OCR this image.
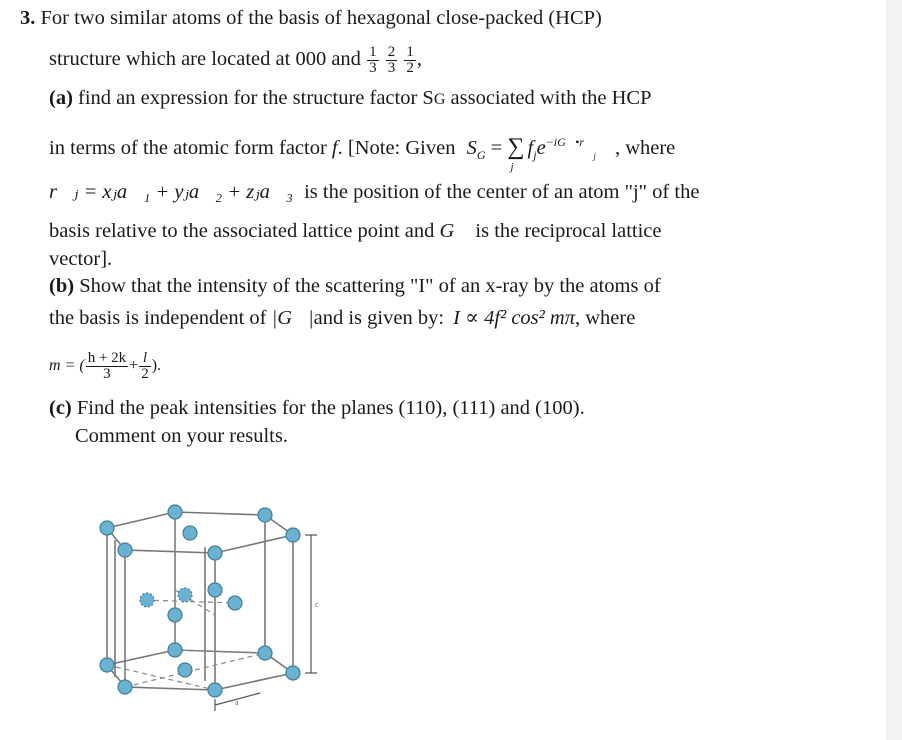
3. For two similar atoms of the basis of hexagonal close-packed (HCP)
structure which are located at 000 and $\frac{1}{3}$
$\frac{2}{3}$
$\frac{1}{2}$ ,
(a) find an expression for the structure factor SG associated with the HCP
in terms of the atomic form factor f. [Note: Given $S_G = \sum_jf_je^{-iG⃗•r⃗}_j$ , where
r⃗ⱼ = xⱼa⃗₁ + yⱼa⃗₂ + zⱼa⃗₃ is the position of the center of an atom "j" of the
basis relative to the associated lattice point and G⃗ is the reciprocal lattice
vector].
(b) Show that the intensity of the scattering "I" of an x-ray by the atoms of
the basis is independent of |G⃗|and is given by: I ∝ 4f² cos² mπ, where
m = ( $\frac{h + 2k}{3} + \frac{l}{2}$ ).
(c) Find the peak intensities for the planes (110), (111) and (100).
Comment on your results.
c
a
